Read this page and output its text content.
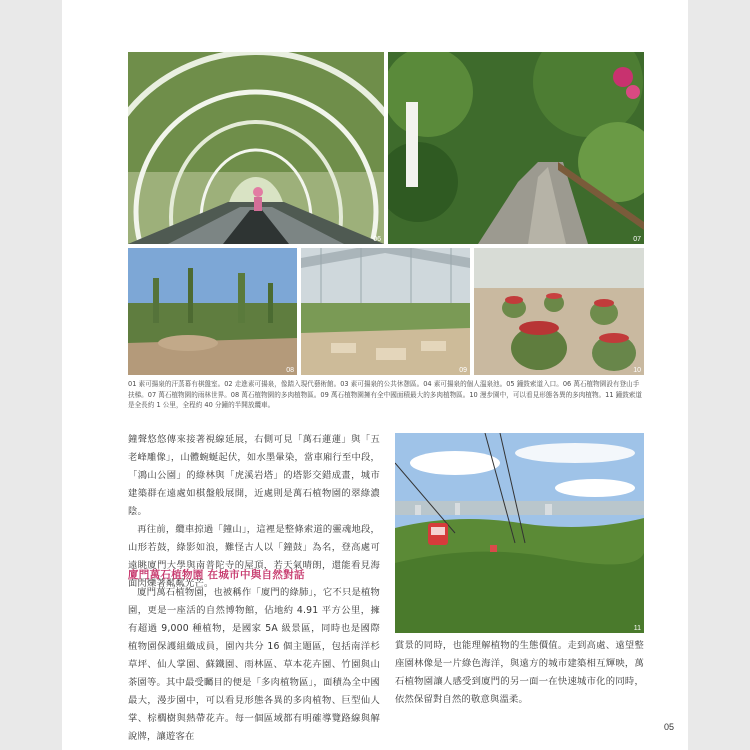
06	07
08	09	10
01 素可揚泉的汗蒸幕有棋盤室。02 走進素可揚泉，像踏入現代藝術館。03 素可揚泉的公共休憩區。04 素可揚泉的個人溫泉池。05 鐘鼓索道入口。06 萬石植物園設有登山手扶梯。07 萬石植物園的雨林世界。08 萬石植物園的多肉植物區。09 萬石植物園擁有全中國面積最大的多肉植物區。10 漫步園中，可以看見形態各異的多肉植物。11 鐘鼓索道是全長約 1 公里，全程約 40 分鐘的半開放纜車。

鐘聲悠悠傳來接著視線延展，右側可見「萬石蓮蓮」與「五老峰雕像」，山體蜿蜒起伏，如水墨暈染，當車廂行至中段，「鴻山公園」的綠林與「虎溪岩塔」的塔影交錯成畫，城市建築群在遠處如棋盤般展開，近處則是萬石植物園的翠綠濃陰。
再往前，纜車掠過「鐘山」，這裡是整條索道的靈魂地段，山形若鼓，綠影如浪，難怪古人以「鐘鼓」為名，登高處可遠眺廈門大學與南普陀寺的屋頂，若天氣晴朗，還能看見海面閃爍著粼粼光芒。

廈門萬石植物園 在城市中與自然對話

廈門萬石植物園，也被稱作「廈門的綠肺」，它不只是植物園，更是一座活的自然博物館，佔地約 4.91 平方公里，擁有超過 9,000 種植物，是國家 5A 級景區，同時也是國際植物園保護組織成員，園內共分 16 個主題區，包括南洋杉草坪、仙人掌園、蘇鐵園、雨林區、草本花卉園、竹園與山茶園等。其中最受矚目的便是「多肉植物區」，面積為全中國最大，漫步園中，可以看見形態各異的多肉植物、巨型仙人掌、棕櫚樹與熱帶花卉。每一個區域都有明確導覽路線與解說牌，讓遊客在

11

賞景的同時，也能理解植物的生態價值。走到高處、遠望整座園林像是一片綠色海洋，與遠方的城市建築相互輝映，萬石植物園讓人感受到廈門的另一面一在快速城市化的同時，依然保留對自然的敬意與溫柔。

05
